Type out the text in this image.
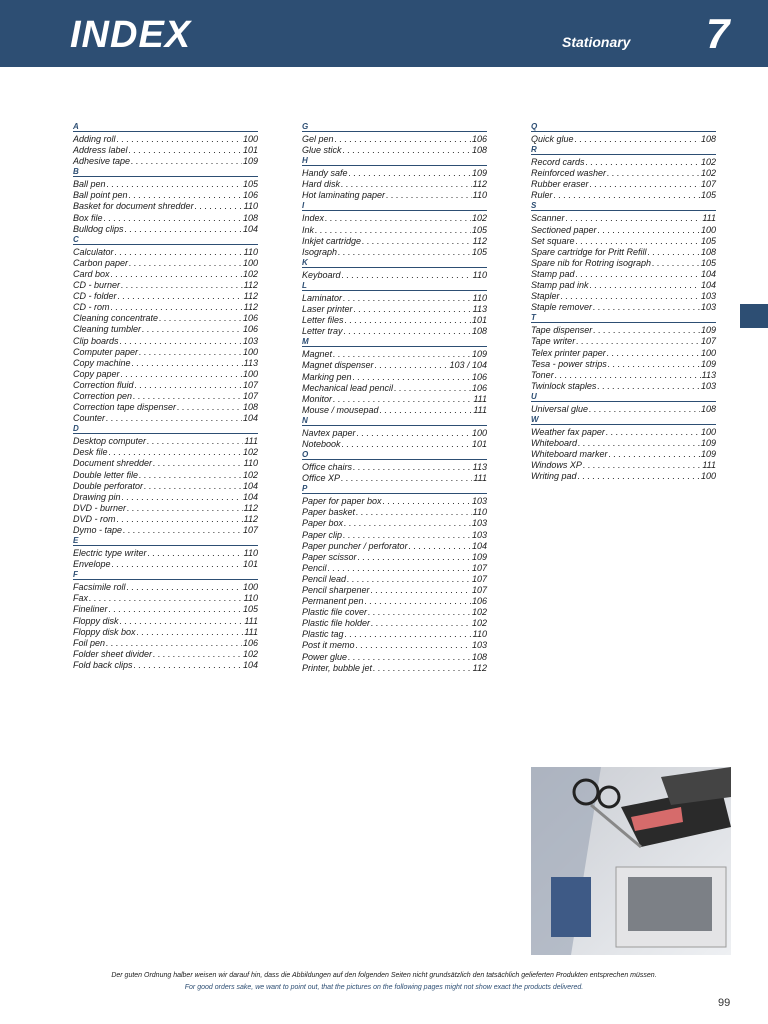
INDEX	Stationary 7
A
Adding roll . . .	100
Address label . . .	101
Adhesive tape . . .	109
B
Ball pen . . .	105
Ball point pen . . .	106
Basket for document shredder . . .	110
Box file . . .	108
Bulldog clips . . .	104
C
Calculator . . .	110
Carbon paper . . .	100
Card box . . .	102
CD - burner . . .	112
CD - folder . . .	112
CD - rom . . .	112
Cleaning concentrate . . .	106
Cleaning tumbler . . .	106
Clip boards . . .	103
Computer paper . . .	100
Copy machine . . .	113
Copy paper . . .	100
Correction fluid . . .	107
Correction pen . . .	107
Correction tape dispenser . . .	108
Counter . . .	104
D
Desktop computer . . .	111
Desk file . . .	102
Document shredder . . .	110
Double letter file . . .	102
Double perforator . . .	104
Drawing pin . . .	104
DVD - burner . . .	112
DVD - rom . . .	112
Dymo - tape . . .	107
E
Electric type writer . . .	110
Envelope . . .	101
F
Facsimile roll . . .	100
Fax . . .	110
Fineliner . . .	105
Floppy disk . . .	111
Floppy disk box . . .	111
Foil pen . . .	106
Folder sheet divider . . .	102
Fold back clips . . .	104
G
Gel pen . . .	106
Glue stick . . .	108
H
Handy safe . . .	109
Hard disk . . .	112
Hot laminating paper . . .	110
I
Index . . .	102
Ink . . .	105
Inkjet cartridge . . .	112
Isograph . . .	105
K
Keyboard . . .	110
L
Laminator . . .	110
Laser printer . . .	113
Letter files . . .	101
Letter tray . . .	108
M
Magnet . . .	109
Magnet dispenser . . .	103 / 104
Marking pen . . .	106
Mechanical lead pencil . . .	106
Monitor . . .	111
Mouse / mousepad . . .	111
N
Navtex paper . . .	100
Notebook . . .	101
O
Office chairs . . .	113
Office XP . . .	111
P
Paper for paper box . . .	103
Paper basket . . .	110
Paper box . . .	103
Paper clip . . .	103
Paper puncher / perforator . . .	104
Paper scissor . . .	109
Pencil . . .	107
Pencil lead . . .	107
Pencil sharpener . . .	107
Permanent pen . . .	106
Plastic file cover . . .	102
Plastic file holder . . .	102
Plastic tag . . .	110
Post it memo . . .	103
Power glue . . .	108
Printer, bubble jet . . .	112
Q
Quick glue . . .	108
R
Record cards . . .	102
Reinforced washer . . .	102
Rubber eraser . . .	107
Ruler . . .	105
S
Scanner . . .	111
Sectioned paper . . .	100
Set square . . .	105
Spare cartridge for Pritt Refill . . .	108
Spare nib for Rotring isograph . . .	105
Stamp pad . . .	104
Stamp pad ink . . .	104
Stapler . . .	103
Staple remover . . .	103
T
Tape dispenser . . .	109
Tape writer . . .	107
Telex printer paper . . .	100
Tesa - power strips . . .	109
Toner . . .	113
Twinlock staples . . .	103
U
Universal glue . . .	108
W
Weather fax paper . . .	100
Whiteboard . . .	109
Whiteboard marker . . .	109
Windows XP . . .	111
Writing pad . . .	100
Der guten Ordnung halber weisen wir darauf hin, dass die Abbildungen auf den folgenden Seiten nicht grundsätzlich den tatsächlich gelieferten Produkten entsprechen müssen.
For good orders sake, we want to point out, that the pictures on the following pages might not show exact the products delivered.
99
